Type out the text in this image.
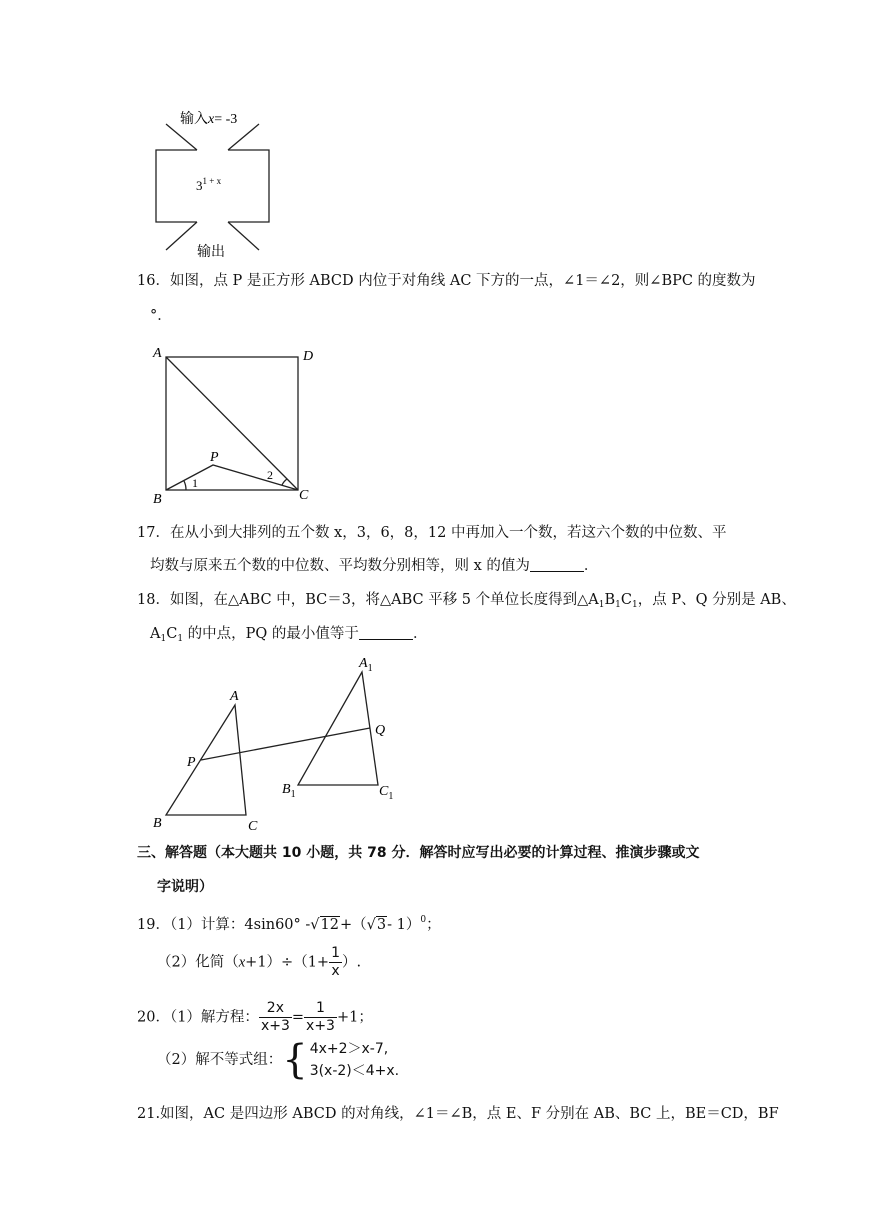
输入x= -3
$3^{1 + x}$
输出
16．如图，点 P 是正方形 ABCD 内位于对角线 AC 下方的一点，∠1＝∠2，则∠BPC 的度数为
°．
A	D
B	C
P
1
2
17．在从小到大排列的五个数 x，3，6，8，12 中再加入一个数，若这六个数的中位数、平
均数与原来五个数的中位数、平均数分别相等，则 x 的值为	．
18．如图，在△ABC 中，BC＝3，将△ABC 平移 5 个单位长度得到$\triangle A_1B_1C_1$，点 P、Q 分别是 AB、
$A_1C_1$ 的中点，PQ 的最小值等于	．
A
B	C
P
Q
$A_1$
$B_1$	$C_1$
三、解答题（本大题共 10 小题，共 78 分．解答时应写出必要的计算过程、推演步骤或文
字说明）
19．（1）计算：4sin60° -√12+（√3- 1）$^0$；
（2）化简$(x+1)\div(1+ \frac{1}{x}$ ）.
20．（1）解方程： $\frac{2x}{x+3} = \frac{1}{x+3} +1$；
（2）解不等式组：{ 4x+2＞x-7,
3(x-2)＜4+x.
21.如图，AC 是四边形 ABCD 的对角线，∠1＝∠B，点 E、F 分别在 AB、BC 上，BE＝CD，BF
